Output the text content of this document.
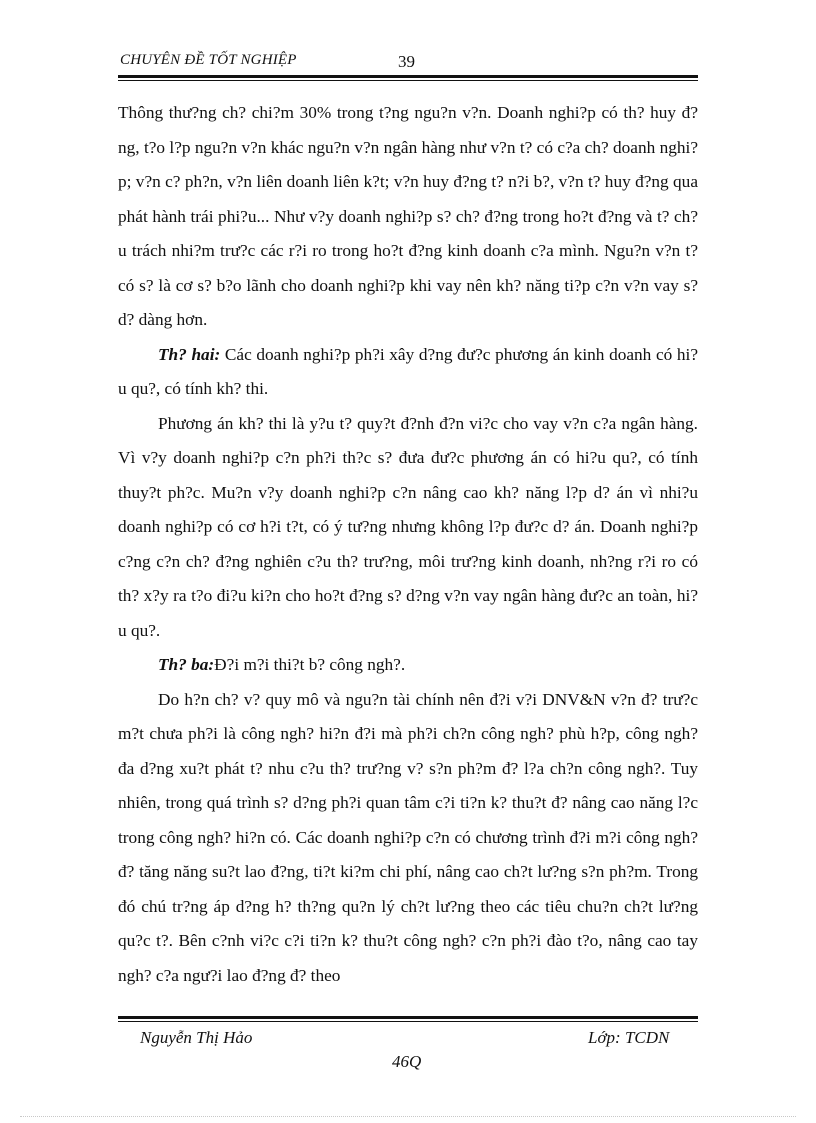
CHUYÊN ĐỀ TỐT NGHIỆP	39

Thông thư?ng ch? chi?m 30% trong t?ng ngu?n v?n. Doanh nghi?p có th? huy đ?ng, t?o l?p ngu?n v?n khác ngu?n v?n ngân hàng như v?n t? có c?a ch? doanh nghi?p; v?n c? ph?n, v?n liên doanh liên k?t; v?n huy đ?ng t? n?i b?, v?n t? huy đ?ng qua phát hành trái phi?u... Như v?y doanh nghi?p s? ch? đ?ng trong ho?t đ?ng và t? ch?u trách nhi?m trư?c các r?i ro trong ho?t đ?ng kinh doanh c?a mình. Ngu?n v?n t? có s? là cơ s? b?o lãnh cho doanh nghi?p khi vay nên kh? năng ti?p c?n v?n vay s? d? dàng hơn.

Th? hai: Các doanh nghi?p ph?i xây d?ng đư?c phương án kinh doanh có hi?u qu?, có tính kh? thi.

Phương án kh? thi là y?u t? quy?t đ?nh đ?n vi?c cho vay v?n c?a ngân hàng. Vì v?y doanh nghi?p c?n ph?i th?c s? đưa đư?c phương án có hi?u qu?, có tính thuy?t ph?c. Mu?n v?y doanh nghi?p c?n nâng cao kh? năng l?p d? án vì nhi?u doanh nghi?p có cơ h?i t?t, có ý tư?ng nhưng không l?p đư?c d? án. Doanh nghi?p c?ng c?n ch? đ?ng nghiên c?u th? trư?ng, môi trư?ng kinh doanh, nh?ng r?i ro có th? x?y ra t?o đi?u ki?n cho ho?t đ?ng s? d?ng v?n vay ngân hàng đư?c an toàn, hi?u qu?.

Th? ba:Đ?i m?i thi?t b? công ngh?.

Do h?n ch? v? quy mô và ngu?n tài chính nên đ?i v?i DNV&N v?n đ? trư?c m?t chưa ph?i là công ngh? hi?n đ?i mà ph?i ch?n công ngh? phù h?p, công ngh? đa d?ng xu?t phát t? nhu c?u th? trư?ng v? s?n ph?m đ? l?a ch?n công ngh?. Tuy nhiên, trong quá trình s? d?ng ph?i quan tâm c?i ti?n k? thu?t đ? nâng cao năng l?c trong công ngh? hi?n có. Các doanh nghi?p c?n có chương trình đ?i m?i công ngh? đ? tăng năng su?t lao đ?ng, ti?t ki?m chi phí, nâng cao ch?t lư?ng s?n ph?m. Trong đó chú tr?ng áp d?ng h? th?ng qu?n lý ch?t lư?ng theo các tiêu chu?n ch?t lư?ng qu?c t?. Bên c?nh vi?c c?i ti?n k? thu?t công ngh? c?n ph?i đào t?o, nâng cao tay ngh? c?a ngư?i lao đ?ng đ? theo

Nguyễn Thị Hảo	Lớp: TCDN
46Q
